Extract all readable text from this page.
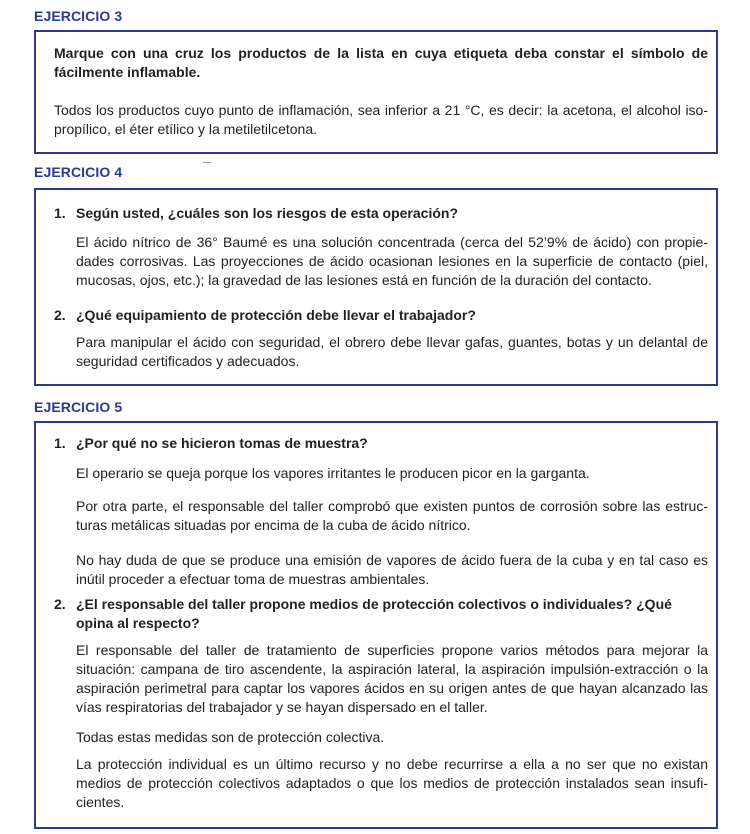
EJERCICIO 3

Marque con una cruz los productos de la lista en cuya etiqueta deba constar el símbolo de fácilmente inflamable.

Todos los productos cuyo punto de inflamación, sea inferior a 21 °C, es decir: la acetona, el alcohol iso-propílico, el éter etílico y la metiletilcetona.

EJERCICIO 4
1. Según usted, ¿cuáles son los riesgos de esta operación?

El ácido nítrico de 36° Baumé es una solución concentrada (cerca del 52’9% de ácido) con propie-dades corrosivas. Las proyecciones de ácido ocasionan lesiones en la superficie de contacto (piel, mucosas, ojos, etc.); la gravedad de las lesiones está en función de la duración del contacto.

2. ¿Qué equipamiento de protección debe llevar el trabajador?

Para manipular el ácido con seguridad, el obrero debe llevar gafas, guantes, botas y un delantal de seguridad certificados y adecuados.

EJERCICIO 5
1. ¿Por qué no se hicieron tomas de muestra?

El operario se queja porque los vapores irritantes le producen picor en la garganta.

Por otra parte, el responsable del taller comprobó que existen puntos de corrosión sobre las estruc-turas metálicas situadas por encima de la cuba de ácido nítrico.

No hay duda de que se produce una emisión de vapores de ácido fuera de la cuba y en tal caso es inútil proceder a efectuar toma de muestras ambientales.

2. ¿El responsable del taller propone medios de protección colectivos o individuales? ¿Qué opina al respecto?

El responsable del taller de tratamiento de superficies propone varios métodos para mejorar la situación: campana de tiro ascendente, la aspiración lateral, la aspiración impulsión-extracción o la aspiración perimetral para captar los vapores ácidos en su origen antes de que hayan alcanzado las vías respiratorias del trabajador y se hayan dispersado en el taller.

Todas estas medidas son de protección colectiva.

La protección individual es un último recurso y no debe recurrirse a ella a no ser que no existan medios de protección colectivos adaptados o que los medios de protección instalados sean insufi-cientes.
